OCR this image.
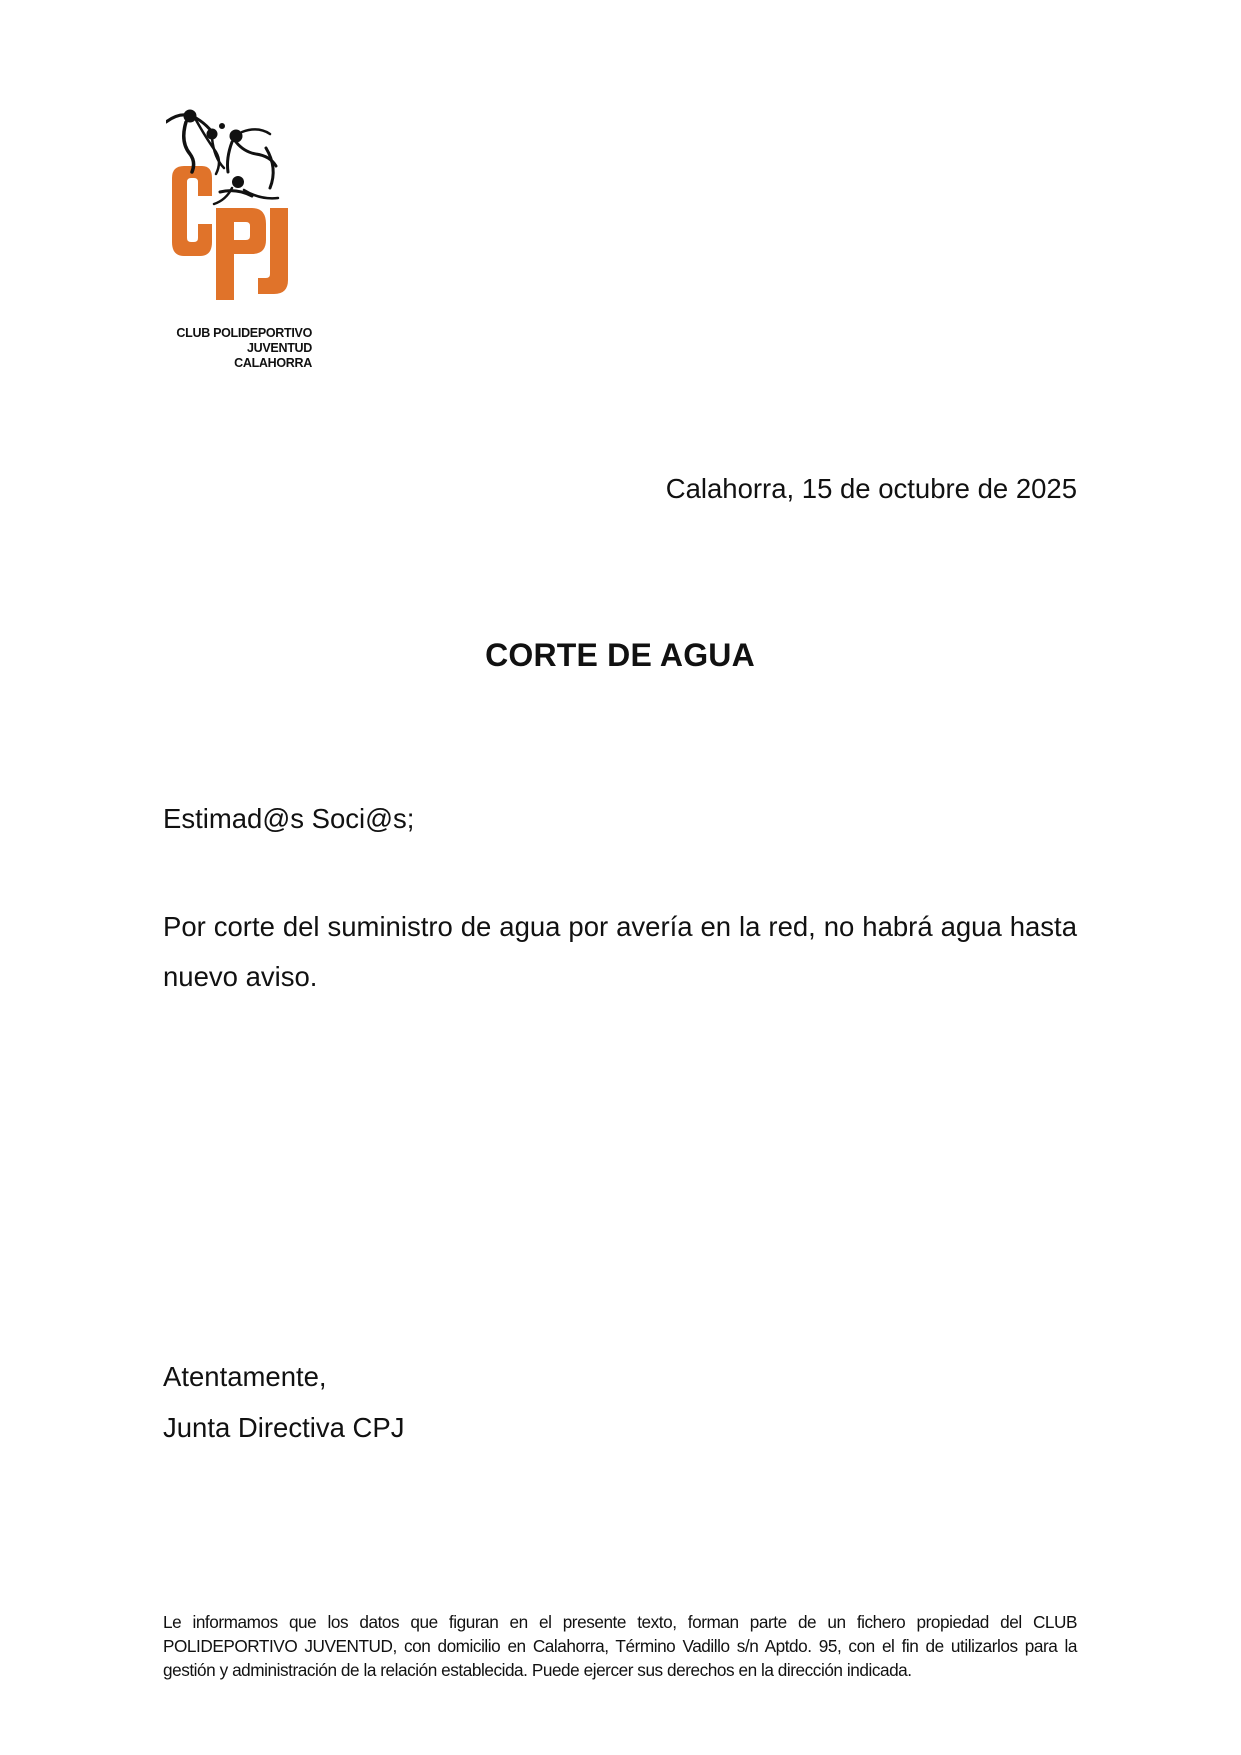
CLUB POLIDEPORTIVO
JUVENTUD
CALAHORRA
Calahorra, 15 de octubre de 2025
CORTE DE AGUA
Estimad@s Soci@s;
Por corte del suministro de agua por avería en la red, no habrá agua hasta nuevo aviso.
Atentamente,
Junta Directiva CPJ
Le informamos que los datos que figuran en el presente texto, forman parte de un fichero propiedad del CLUB POLIDEPORTIVO JUVENTUD, con domicilio en Calahorra, Término Vadillo s/n Aptdo. 95, con el fin de utilizarlos para la gestión y administración de la relación establecida. Puede ejercer sus derechos en la dirección indicada.
